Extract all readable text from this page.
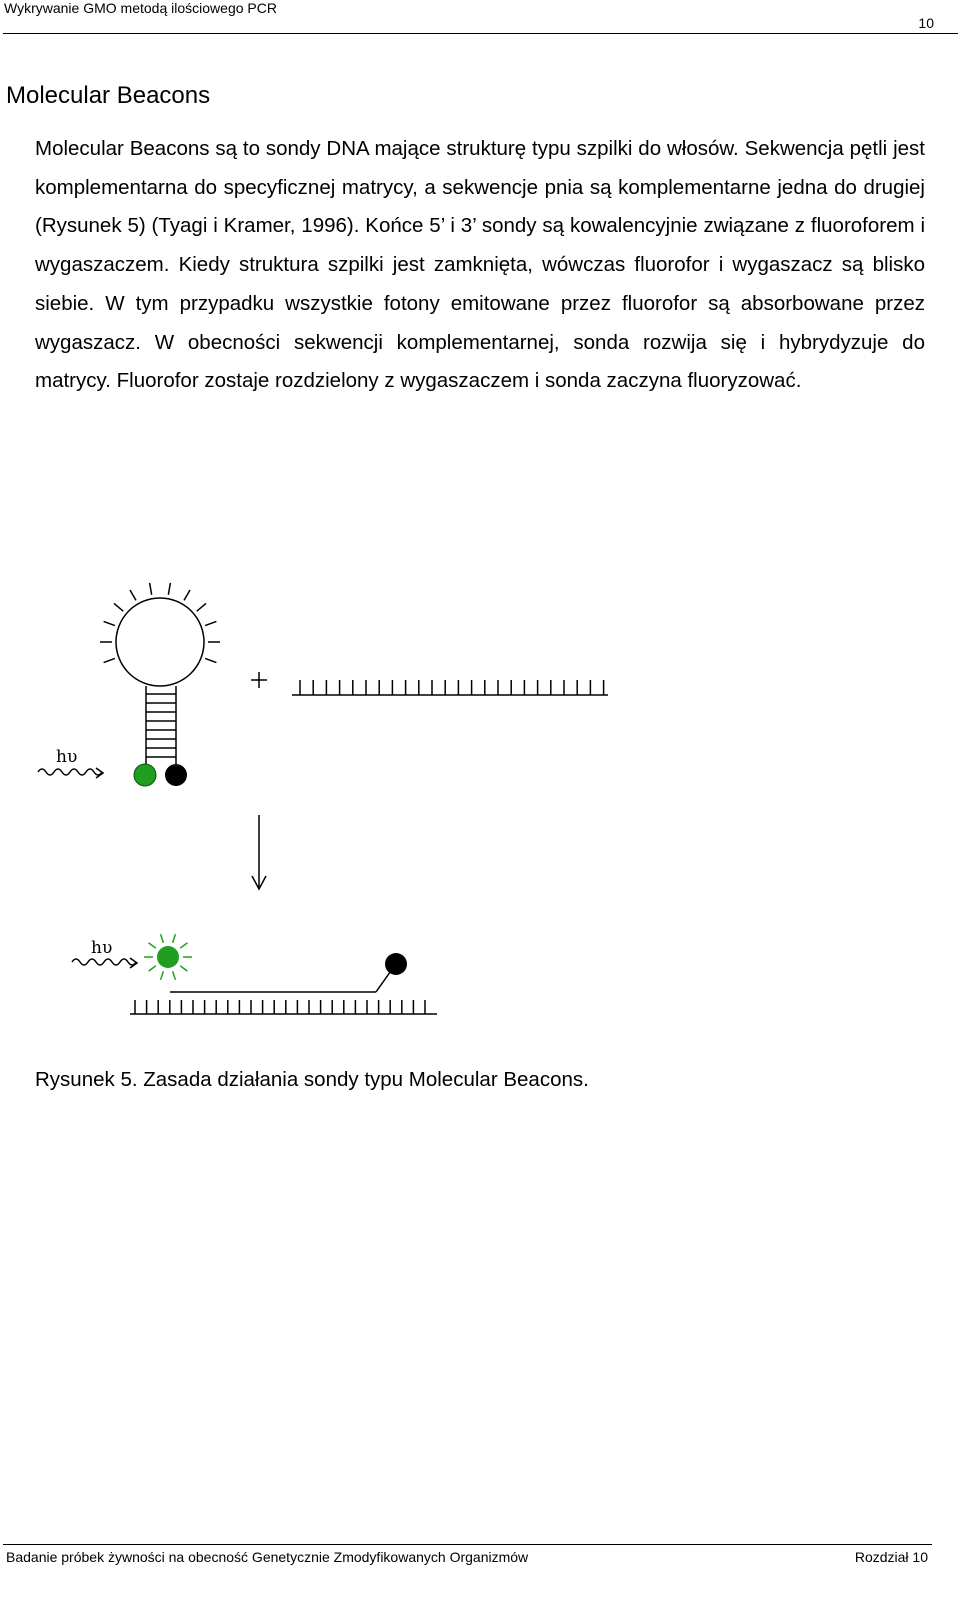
Wykrywanie GMO metodą ilościowego PCR
10
Molecular Beacons

Molecular Beacons są to sondy DNA mające strukturę typu szpilki do włosów. Sekwencja pętli jest komplementarna do specyficznej matrycy, a sekwencje pnia są komplementarne jedna do drugiej (Rysunek 5) (Tyagi i Kramer, 1996). Końce 5’ i 3’ sondy są kowalencyjnie związane z fluoroforem i wygaszaczem. Kiedy struktura szpilki jest zamknięta, wówczas fluorofor i wygaszacz są blisko siebie. W tym przypadku wszystkie fotony emitowane przez fluorofor są absorbowane przez wygaszacz. W obecności sekwencji komplementarnej, sonda rozwija się i hybrydyzuje do matrycy. Fluorofor zostaje rozdzielony z wygaszaczem i sonda zaczyna fluoryzować.

hυ
hυ
Rysunek 5. Zasada działania sondy typu Molecular Beacons.
Badanie próbek żywności na obecność Genetycznie Zmodyfikowanych Organizmów	Rozdział 10
